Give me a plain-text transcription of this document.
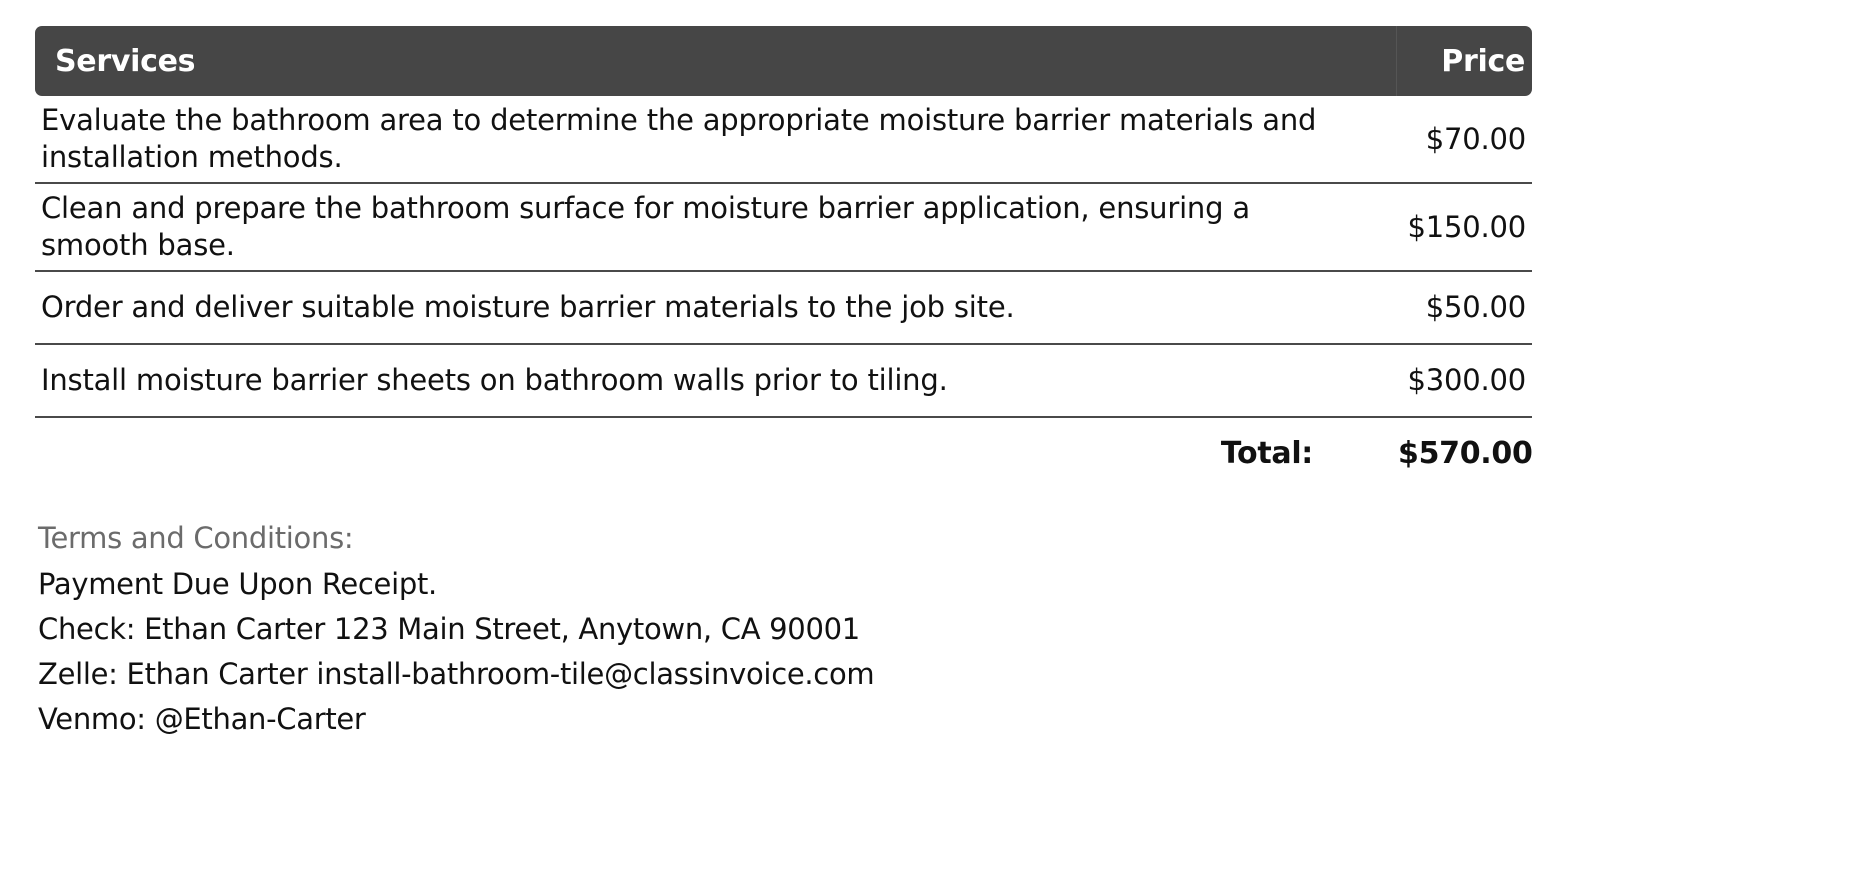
Services	Price
Evaluate the bathroom area to determine the appropriate moisture barrier materials and installation methods.	$70.00
Clean and prepare the bathroom surface for moisture barrier application, ensuring a smooth base.	$150.00
Order and deliver suitable moisture barrier materials to the job site.	$50.00
Install moisture barrier sheets on bathroom walls prior to tiling.	$300.00
Total:	$570.00
Terms and Conditions:
Payment Due Upon Receipt.
Check: Ethan Carter 123 Main Street, Anytown, CA 90001
Zelle: Ethan Carter install-bathroom-tile@classinvoice.com
Venmo: @Ethan-Carter
